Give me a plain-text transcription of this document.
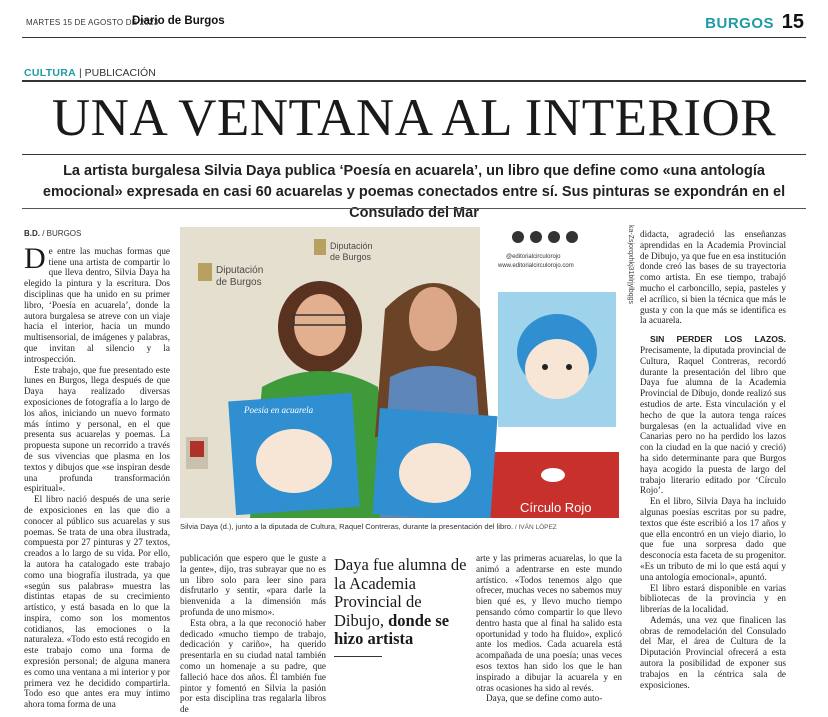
MARTES 15 DE AGOSTO DE 2023
Diario de Burgos	BURGOS 15
CULTURA | PUBLICACIÓN
UNA VENTANA AL INTERIOR
La artista burgalesa Silvia Daya publica ‘Poesía en acuarela’, un libro que define como «una antología emocional» expresada en casi 60 acuarelas y poemas conectados entre sí. Sus pinturas se expondrán en el Consulado del Mar
B.D. / BURGOS

De entre las muchas formas que tiene una artista de compartir lo que lleva dentro, Silvia Daya ha elegido la pintura y la escritura. Dos disciplinas que ha unido en su primer libro, ‘Poesía en acuarela’, donde la autora burgalesa se atreve con un viaje hacia el interior, hacia un mundo multisensorial, de imágenes y palabras, que invitan al silencio y la introspección.

Este trabajo, que fue presentado este lunes en Burgos, llega después de que Daya haya realizado diversas exposiciones de fotografía a lo largo de los años, iniciando un nuevo formato más íntimo y personal, en el que presenta sus acuarelas y poemas. La propuesta supone un recorrido a través de sus vivencias que plasma en los textos y dibujos que «se inspiran desde una profunda transformación espiritual».

El libro nació después de una serie de exposiciones en las que dio a conocer al público sus acuarelas y sus poemas. Se trata de una obra ilustrada, compuesta por 27 pinturas y 27 textos, creados a lo largo de su vida. Por ello, la autora ha catalogado este trabajo como una biografía ilustrada, ya que «según sus palabras» muestra las distintas etapas de su crecimiento artístico, y está basada en lo que la inspira, como son los momentos cotidianos, las emociones o la naturaleza. «Todo esto está recogido en este trabajo como una forma de expresión personal; de alguna manera es como una ventana a mi interior y por primera vez he decidido compartirla. Todo eso que antes era muy íntimo ahora toma forma de una

Diputación
de Burgos
Diputación
de Burgos	@editorialcirculorojo
www.editorialcirculorojo.com
Círculo Rojo
Poesía en acuarela
ka-Zsjorqxhkj31blrjylbqgs
Silvia Daya (d.), junto a la diputada de Cultura, Raquel Contreras, durante la presentación del libro. / IVÁN LÓPEZ

publicación que espero que le guste a la gente», dijo, tras subrayar que no es un libro solo para leer sino para disfrutarlo y sentir, «para darle la bienvenida a la dimensión más profunda de uno mismo».

Esta obra, a la que reconoció haber dedicado «mucho tiempo de trabajo, dedicación y cariño», ha querido presentarla en su ciudad natal también como un homenaje a su padre, que falleció hace dos años. Él también fue pintor y fomentó en Silvia la pasión por esta disciplina tras regalarla libros de

Daya fue alumna de la Academia Provincial de Dibujo, donde se hizo artista

arte y las primeras acuarelas, lo que la animó a adentrarse en este mundo artístico. «Todos tenemos algo que ofrecer, muchas veces no sabemos muy bien qué es, y llevo mucho tiempo pensando cómo compartir lo que llevo dentro hasta que al final ha salido esta oportunidad y todo ha fluido», explicó ante los medios. Cada acuarela está acompañada de una poesía; unas veces esos textos han sido los que le han inspirado a dibujar la acuarela y en otras ocasiones ha sido al revés.

Daya, que se define como auto-

didacta, agradeció las enseñanzas aprendidas en la Academia Provincial de Dibujo, ya que fue en esa institución donde creó las bases de su trayectoria como artista. En ese tiempo, trabajó mucho el carboncillo, sepia, pasteles y el acrílico, si bien la técnica que más le gusta y con la que más se identifica es la acuarela.

SIN PERDER LOS LAZOS. Precisamente, la diputada provincial de Cultura, Raquel Contreras, recordó durante la presentación del libro que Daya fue alumna de la Academia Provincial de Dibujo, donde realizó sus estudios de arte. Esta vinculación y el hecho de que la autora tenga raíces burgalesas (en la actualidad vive en Canarias pero no ha perdido los lazos con la ciudad en la que nació y creció) ha sido determinante para que Burgos haya acogido la puesta de largo del trabajo literario editado por ‘Círculo Rojo’.

En el libro, Silvia Daya ha incluido algunas poesías escritas por su padre, textos que éste escribió a los 17 años y que ella encontró en un viejo diario, lo que fue una sorpresa dado que desconocía esta faceta de su progenitor. «Es un tributo de mi lo que está aquí y una antología emocional», apuntó.

El libro estará disponible en varias bibliotecas de la provincia y en librerías de la localidad.

Además, una vez que finalicen las obras de remodelación del Consulado del Mar, el área de Cultura de la Diputación Provincial ofrecerá a esta autora la posibilidad de exponer sus trabajos en la céntrica sala de exposiciones.
